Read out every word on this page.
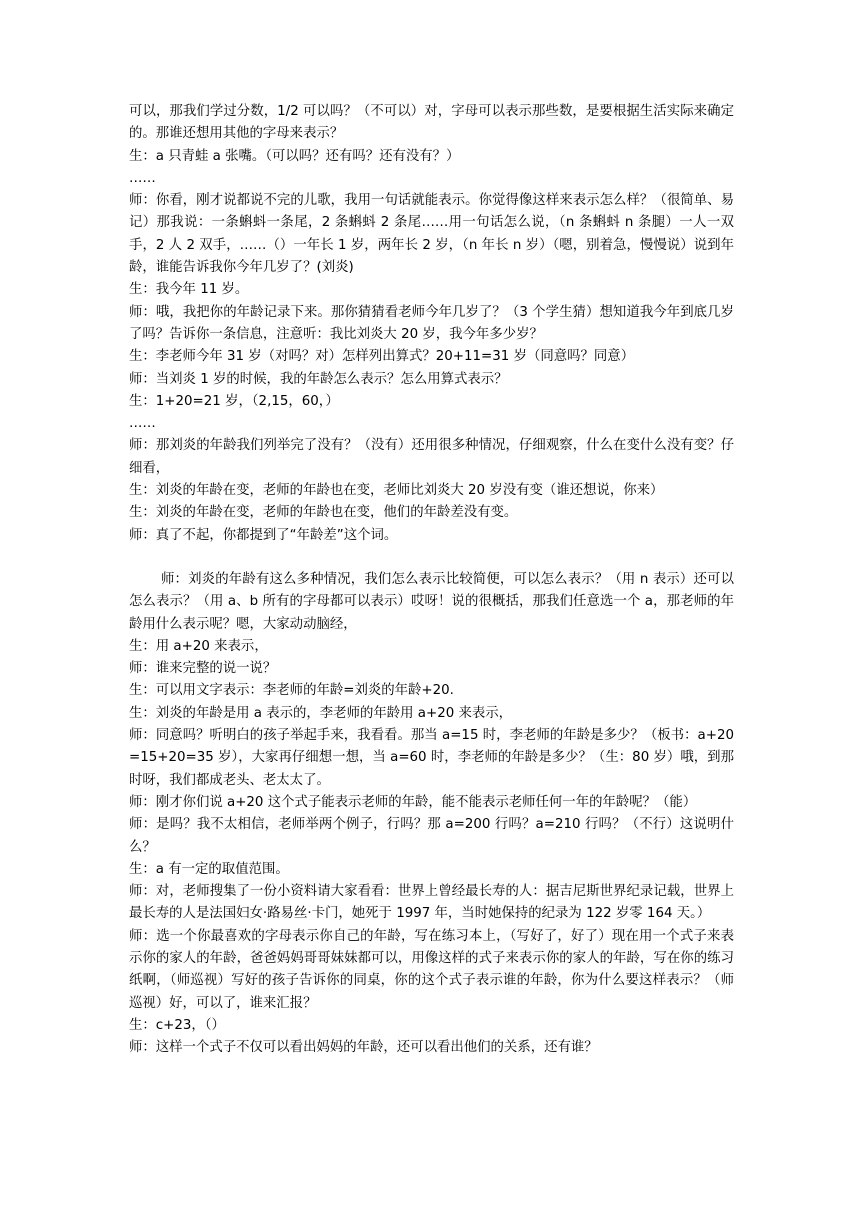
可以，那我们学过分数，1/2 可以吗？（不可以）对，字母可以表示那些数，是要根据生活实际来确定的。那谁还想用其他的字母来表示？

生：a 只青蛙 a 张嘴。（可以吗？还有吗？还有没有？）

……

师：你看，刚才说都说不完的儿歌，我用一句话就能表示。你觉得像这样来表示怎么样？（很简单、易记）那我说：一条蝌蚪一条尾，2 条蝌蚪 2 条尾……用一句话怎么说，（n 条蝌蚪 n 条腿）一人一双手，2 人 2 双手，……（）一年长 1 岁，两年长 2 岁，（n 年长 n 岁）（嗯，别着急，慢慢说）说到年龄，谁能告诉我你今年几岁了？(刘炎)

生：我今年 11 岁。

师：哦，我把你的年龄记录下来。那你猜猜看老师今年几岁了？（3 个学生猜）想知道我今年到底几岁了吗？告诉你一条信息，注意听：我比刘炎大 20 岁，我今年多少岁？

生：李老师今年 31 岁（对吗？对）怎样列出算式？20+11=31 岁（同意吗？同意）

师：当刘炎 1 岁的时候，我的年龄怎么表示？怎么用算式表示？

生：1+20=21 岁，（2,15，60，）

……

师：那刘炎的年龄我们列举完了没有？（没有）还用很多种情况，仔细观察，什么在变什么没有变？仔细看，

生：刘炎的年龄在变，老师的年龄也在变，老师比刘炎大 20 岁没有变（谁还想说，你来）

生：刘炎的年龄在变，老师的年龄也在变，他们的年龄差没有变。

师：真了不起，你都提到了“年龄差”这个词。

师：刘炎的年龄有这么多种情况，我们怎么表示比较简便，可以怎么表示？（用 n 表示）还可以怎么表示？（用 a、b 所有的字母都可以表示）哎呀！说的很概括，那我们任意选一个 a，那老师的年龄用什么表示呢？嗯，大家动动脑经，

生：用 a+20 来表示，

师：谁来完整的说一说？

生：可以用文字表示：李老师的年龄=刘炎的年龄+20.

生：刘炎的年龄是用 a 表示的，李老师的年龄用 a+20 来表示，

师：同意吗？听明白的孩子举起手来，我看看。那当 a=15 时，李老师的年龄是多少？（板书：a+20=15+20=35 岁），大家再仔细想一想，当 a=60 时，李老师的年龄是多少？（生：80 岁）哦，到那时呀，我们都成老头、老太太了。

师：刚才你们说 a+20 这个式子能表示老师的年龄，能不能表示老师任何一年的年龄呢？（能）

师：是吗？我不太相信，老师举两个例子，行吗？那 a=200 行吗？a=210 行吗？（不行）这说明什么？

生：a 有一定的取值范围。

师：对，老师搜集了一份小资料请大家看看：世界上曾经最长寿的人：据吉尼斯世界纪录记载，世界上最长寿的人是法国妇女·路易丝·卡门，她死于 1997 年，当时她保持的纪录为 122 岁零 164 天。）

师：选一个你最喜欢的字母表示你自己的年龄，写在练习本上，（写好了，好了）现在用一个式子来表示你的家人的年龄，爸爸妈妈哥哥妹妹都可以，用像这样的式子来表示你的家人的年龄，写在你的练习纸啊，（师巡视）写好的孩子告诉你的同桌，你的这个式子表示谁的年龄，你为什么要这样表示？（师巡视）好，可以了，谁来汇报？

生：c+23，（）

师：这样一个式子不仅可以看出妈妈的年龄，还可以看出他们的关系，还有谁？
